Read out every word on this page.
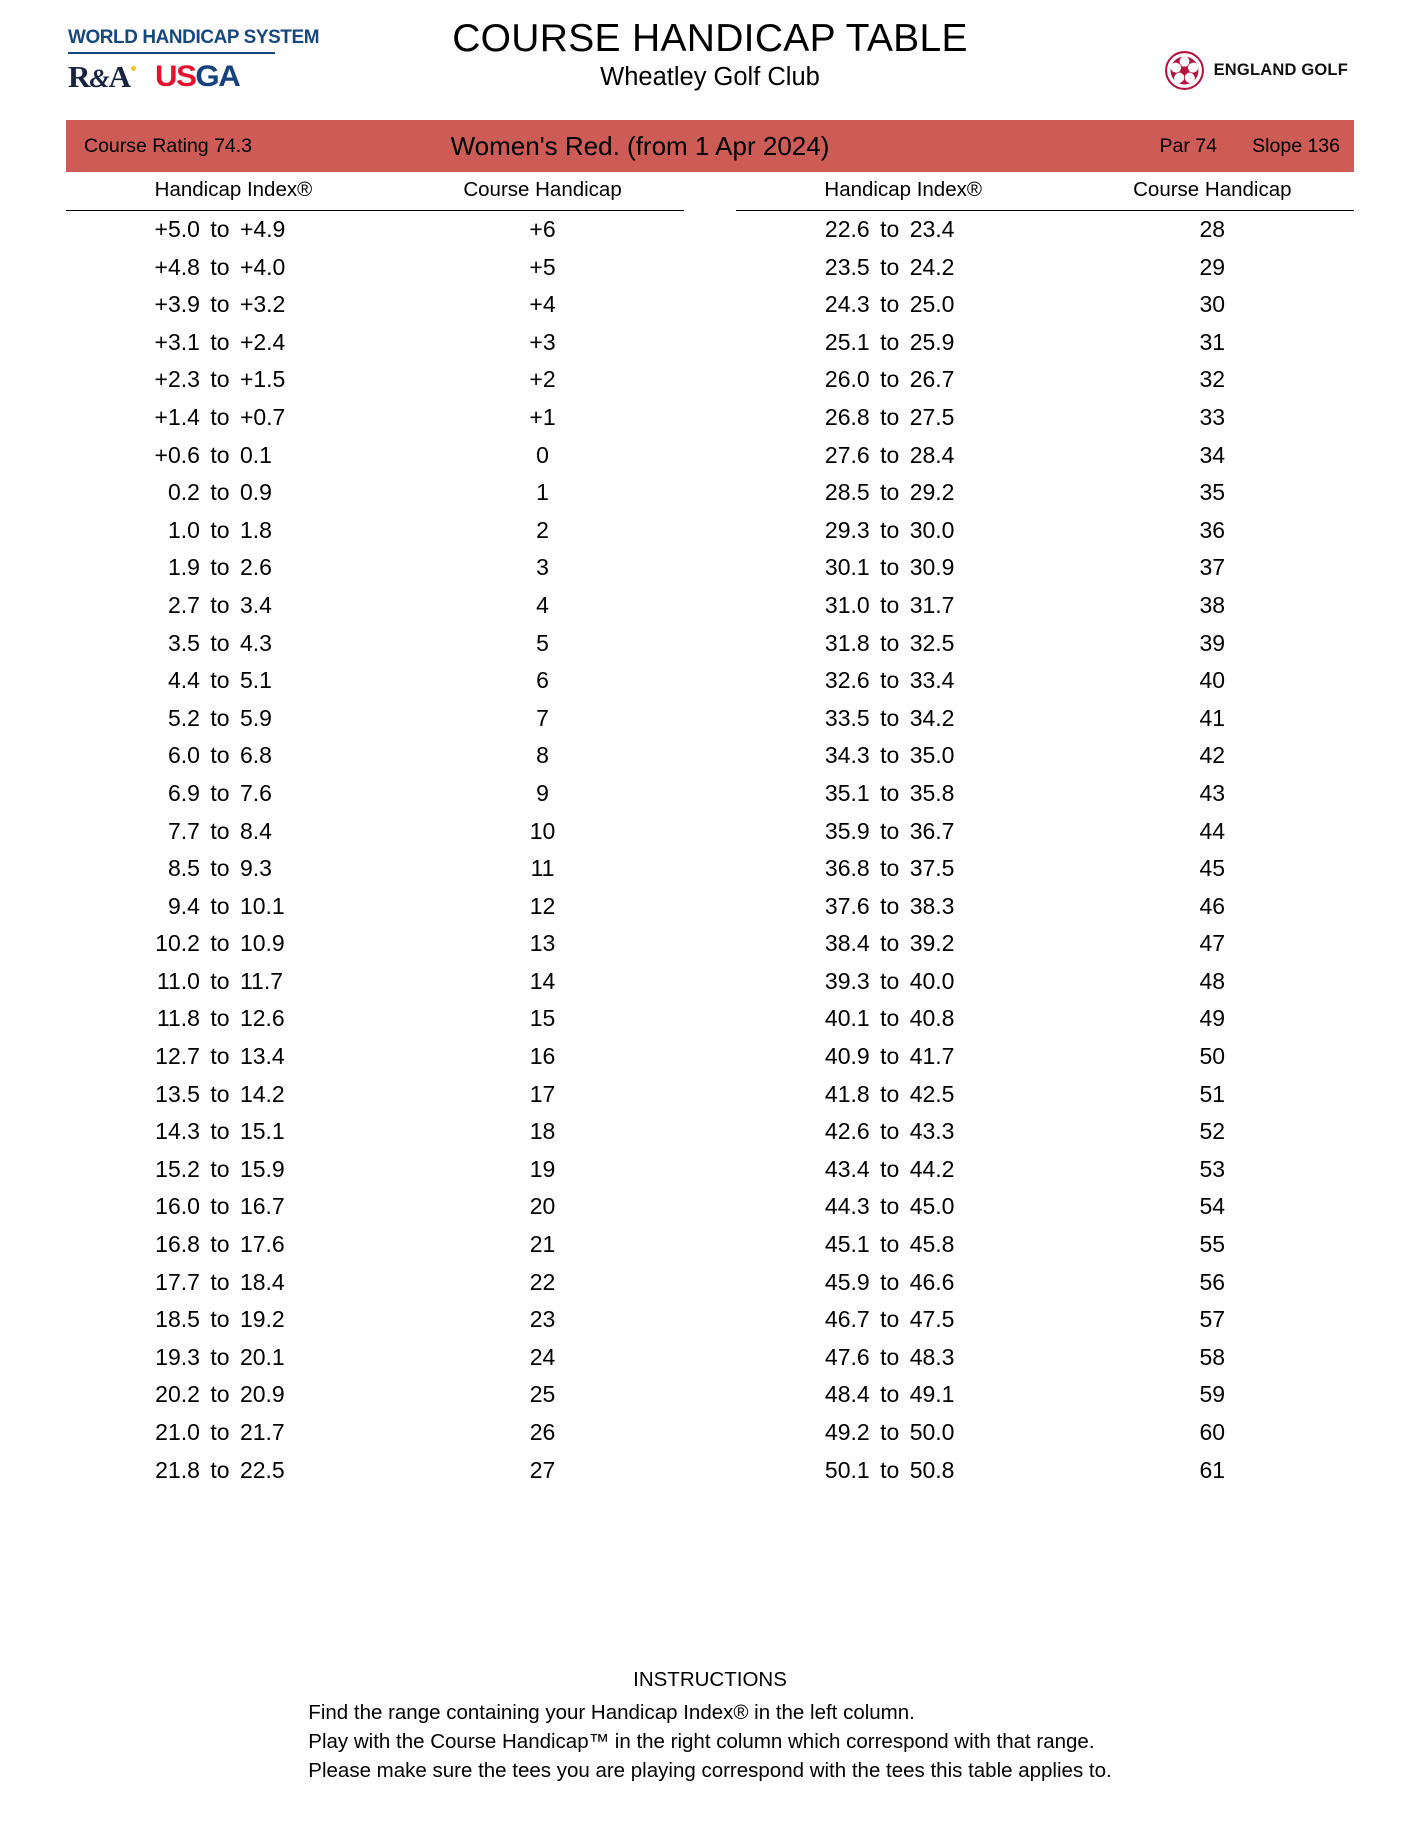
WORLD HANDICAP SYSTEM
R&A USGA
COURSE HANDICAP TABLE
Wheatley Golf Club	ENGLAND GOLF
Course Rating 74.3	Women's Red. (from 1 Apr 2024)	Par 74 Slope 136
Handicap Index®	Course Handicap		Handicap Index®	Course Handicap
+5.0 to +4.9	+6		22.6 to 23.4	28
+4.8 to +4.0	+5		23.5 to 24.2	29
+3.9 to +3.2	+4		24.3 to 25.0	30
+3.1 to +2.4	+3		25.1 to 25.9	31
+2.3 to +1.5	+2		26.0 to 26.7	32
+1.4 to +0.7	+1		26.8 to 27.5	33
+0.6 to 0.1	0		27.6 to 28.4	34
0.2 to 0.9	1		28.5 to 29.2	35
1.0 to 1.8	2		29.3 to 30.0	36
1.9 to 2.6	3		30.1 to 30.9	37
2.7 to 3.4	4		31.0 to 31.7	38
3.5 to 4.3	5		31.8 to 32.5	39
4.4 to 5.1	6		32.6 to 33.4	40
5.2 to 5.9	7		33.5 to 34.2	41
6.0 to 6.8	8		34.3 to 35.0	42
6.9 to 7.6	9		35.1 to 35.8	43
7.7 to 8.4	10		35.9 to 36.7	44
8.5 to 9.3	11		36.8 to 37.5	45
9.4 to 10.1	12		37.6 to 38.3	46
10.2 to 10.9	13		38.4 to 39.2	47
11.0 to 11.7	14		39.3 to 40.0	48
11.8 to 12.6	15		40.1 to 40.8	49
12.7 to 13.4	16		40.9 to 41.7	50
13.5 to 14.2	17		41.8 to 42.5	51
14.3 to 15.1	18		42.6 to 43.3	52
15.2 to 15.9	19		43.4 to 44.2	53
16.0 to 16.7	20		44.3 to 45.0	54
16.8 to 17.6	21		45.1 to 45.8	55
17.7 to 18.4	22		45.9 to 46.6	56
18.5 to 19.2	23		46.7 to 47.5	57
19.3 to 20.1	24		47.6 to 48.3	58
20.2 to 20.9	25		48.4 to 49.1	59
21.0 to 21.7	26		49.2 to 50.0	60
21.8 to 22.5	27		50.1 to 50.8	61
INSTRUCTIONS
Find the range containing your Handicap Index® in the left column.
Play with the Course Handicap™ in the right column which correspond with that range.
Please make sure the tees you are playing correspond with the tees this table applies to.
